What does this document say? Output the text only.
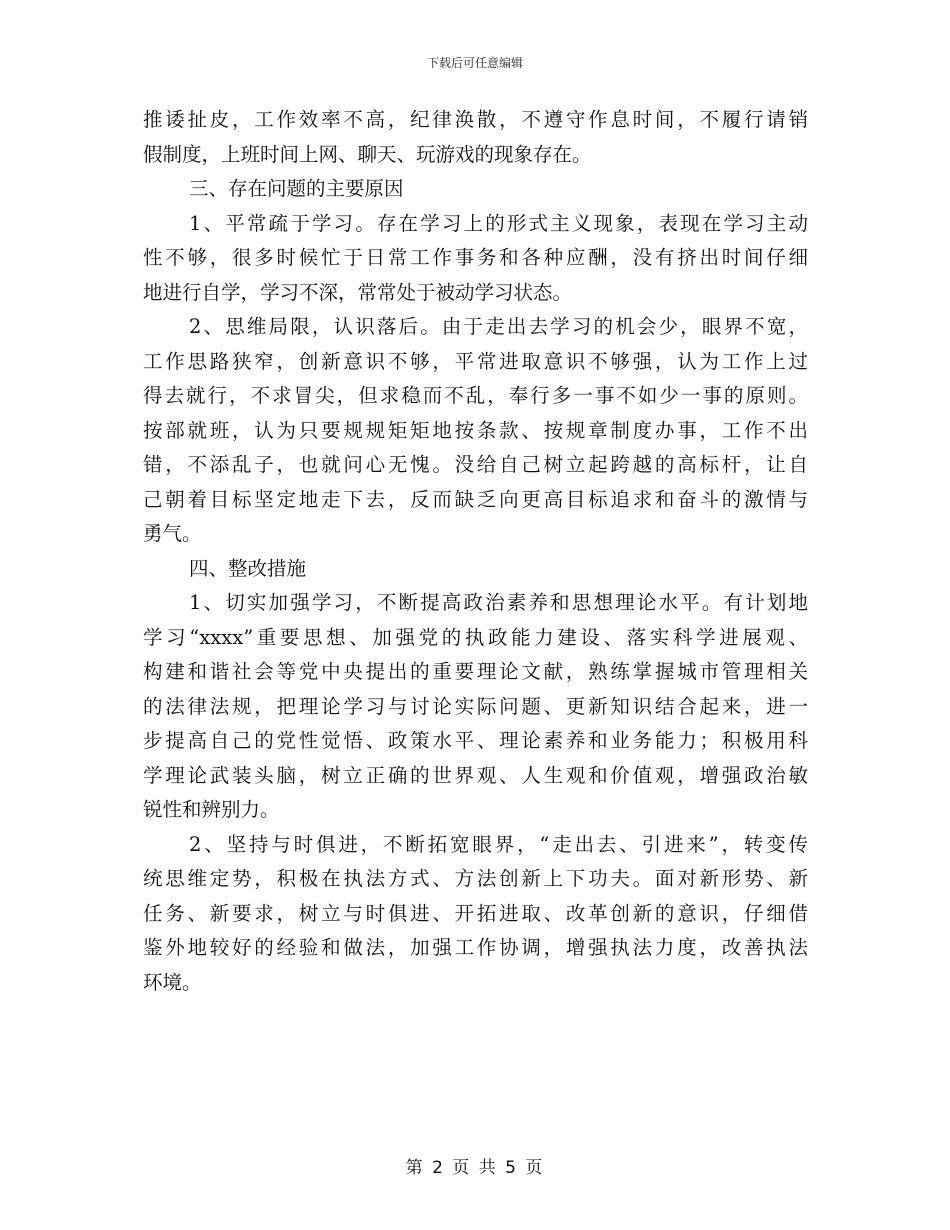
下载后可任意编辑
推诿扯皮，工作效率不高，纪律涣散，不遵守作息时间，不履行请销
假制度，上班时间上网、聊天、玩游戏的现象存在。
三、存在问题的主要原因
1、平常疏于学习。存在学习上的形式主义现象，表现在学习主动
性不够，很多时候忙于日常工作事务和各种应酬，没有挤出时间仔细
地进行自学，学习不深，常常处于被动学习状态。
2、思维局限，认识落后。由于走出去学习的机会少，眼界不宽，
工作思路狭窄，创新意识不够，平常进取意识不够强，认为工作上过
得去就行，不求冒尖，但求稳而不乱，奉行多一事不如少一事的原则。
按部就班，认为只要规规矩矩地按条款、按规章制度办事，工作不出
错，不添乱子，也就问心无愧。没给自己树立起跨越的高标杆，让自
己朝着目标坚定地走下去，反而缺乏向更高目标追求和奋斗的激情与
勇气。
四、整改措施
1、切实加强学习，不断提高政治素养和思想理论水平。有计划地
学习“xxxx”重要思想、加强党的执政能力建设、落实科学进展观、
构建和谐社会等党中央提出的重要理论文献，熟练掌握城市管理相关
的法律法规，把理论学习与讨论实际问题、更新知识结合起来，进一
步提高自己的党性觉悟、政策水平、理论素养和业务能力；积极用科
学理论武装头脑，树立正确的世界观、人生观和价值观，增强政治敏
锐性和辨别力。
2、坚持与时俱进，不断拓宽眼界，“走出去、引进来”，转变传
统思维定势，积极在执法方式、方法创新上下功夫。面对新形势、新
任务、新要求，树立与时俱进、开拓进取、改革创新的意识，仔细借
鉴外地较好的经验和做法，加强工作协调，增强执法力度，改善执法
环境。
第 2 页 共 5 页
